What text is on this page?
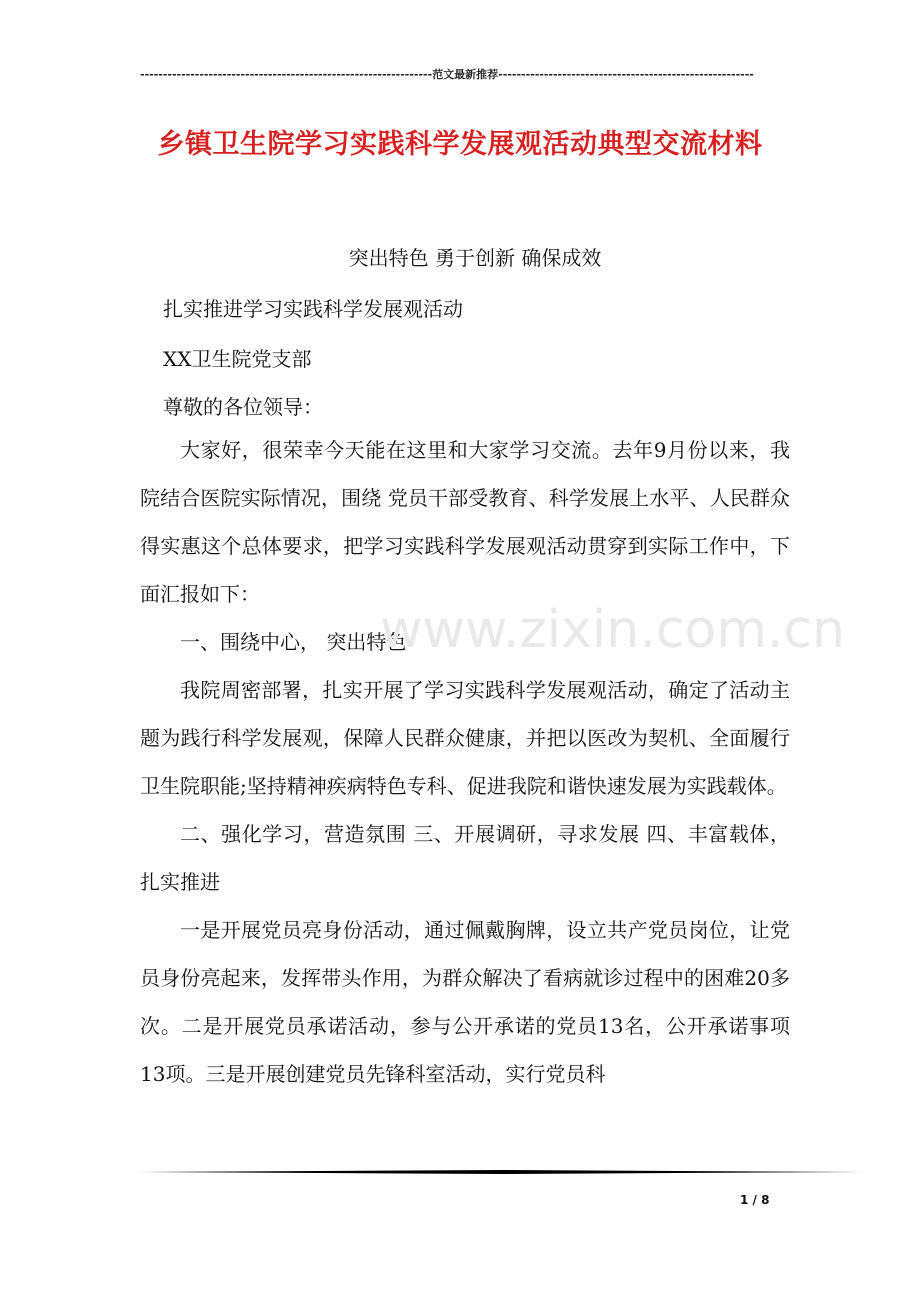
----------------------------------------------------------------范文最新推荐--------------------------------------------------------
乡镇卫生院学习实践科学发展观活动典型交流材料
突出特色 勇于创新 确保成效
扎实推进学习实践科学发展观活动
XX卫生院党支部
尊敬的各位领导：

大家好，很荣幸今天能在这里和大家学习交流。去年9月份以来，我院结合医院实际情况，围绕 党员干部受教育、科学发展上水平、人民群众得实惠这个总体要求，把学习实践科学发展观活动贯穿到实际工作中，下面汇报如下：

一、围绕中心， 突出特色

我院周密部署，扎实开展了学习实践科学发展观活动，确定了活动主题为践行科学发展观，保障人民群众健康，并把以医改为契机、全面履行卫生院职能;坚持精神疾病特色专科、促进我院和谐快速发展为实践载体。

二、强化学习，营造氛围 三、开展调研，寻求发展 四、丰富载体，扎实推进

一是开展党员亮身份活动，通过佩戴胸牌，设立共产党员岗位，让党员身份亮起来，发挥带头作用，为群众解决了看病就诊过程中的困难20多次。二是开展党员承诺活动，参与公开承诺的党员13名，公开承诺事项13项。三是开展创建党员先锋科室活动，实行党员科

www.zixin.com.cn
1 / 8
